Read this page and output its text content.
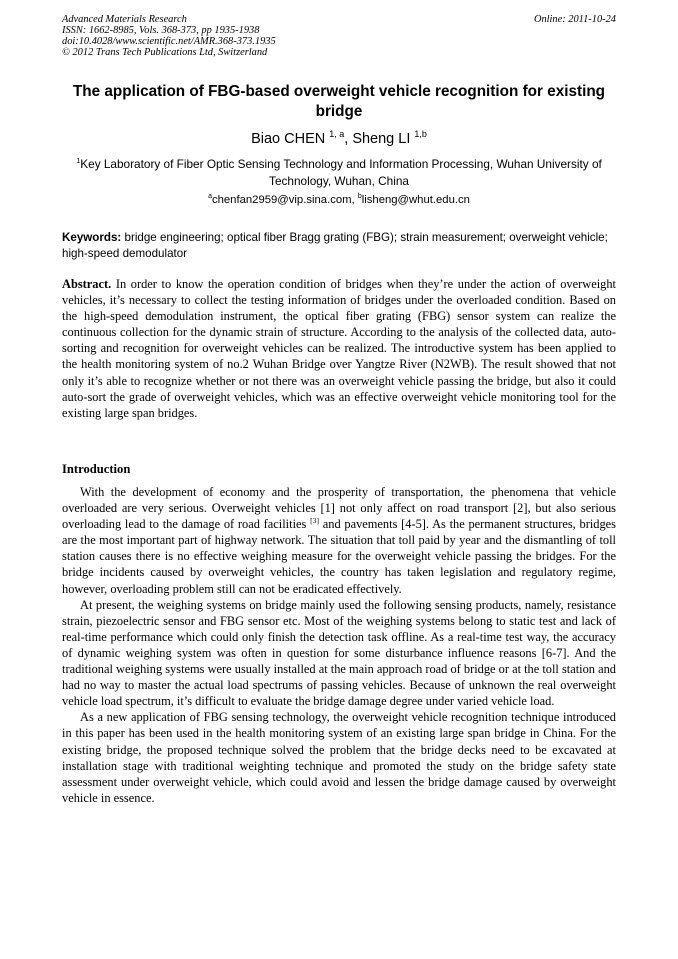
Advanced Materials Research
ISSN: 1662-8985, Vols. 368-373, pp 1935-1938
doi:10.4028/www.scientific.net/AMR.368-373.1935
© 2012 Trans Tech Publications Ltd, Switzerland
Online: 2011-10-24
The application of FBG-based overweight vehicle recognition for existing bridge
Biao CHEN $^{1, a}$, Sheng LI $^{1,b}$
$^1$Key Laboratory of Fiber Optic Sensing Technology and Information Processing, Wuhan University of Technology, Wuhan, China
$^a$chenfan2959@vip.sina.com, $^b$lisheng@whut.edu.cn
Keywords: bridge engineering; optical fiber Bragg grating (FBG); strain measurement; overweight vehicle; high-speed demodulator
Abstract. In order to know the operation condition of bridges when they’re under the action of overweight vehicles, it’s necessary to collect the testing information of bridges under the overloaded condition. Based on the high-speed demodulation instrument, the optical fiber grating (FBG) sensor system can realize the continuous collection for the dynamic strain of structure. According to the analysis of the collected data, auto-sorting and recognition for overweight vehicles can be realized. The introductive system has been applied to the health monitoring system of no.2 Wuhan Bridge over Yangtze River (N2WB). The result showed that not only it’s able to recognize whether or not there was an overweight vehicle passing the bridge, but also it could auto-sort the grade of overweight vehicles, which was an effective overweight vehicle monitoring tool for the existing large span bridges.
Introduction

With the development of economy and the prosperity of transportation, the phenomena that vehicle overloaded are very serious. Overweight vehicles [1] not only affect on road transport [2], but also serious overloading lead to the damage of road facilities [3] and pavements [4-5]. As the permanent structures, bridges are the most important part of highway network. The situation that toll paid by year and the dismantling of toll station causes there is no effective weighing measure for the overweight vehicle passing the bridges. For the bridge incidents caused by overweight vehicles, the country has taken legislation and regulatory regime, however, overloading problem still can not be eradicated effectively.

At present, the weighing systems on bridge mainly used the following sensing products, namely, resistance strain, piezoelectric sensor and FBG sensor etc. Most of the weighing systems belong to static test and lack of real-time performance which could only finish the detection task offline. As a real-time test way, the accuracy of dynamic weighing system was often in question for some disturbance influence reasons [6-7]. And the traditional weighing systems were usually installed at the main approach road of bridge or at the toll station and had no way to master the actual load spectrums of passing vehicles. Because of unknown the real overweight vehicle load spectrum, it’s difficult to evaluate the bridge damage degree under varied vehicle load.

As a new application of FBG sensing technology, the overweight vehicle recognition technique introduced in this paper has been used in the health monitoring system of an existing large span bridge in China. For the existing bridge, the proposed technique solved the problem that the bridge decks need to be excavated at installation stage with traditional weighting technique and promoted the study on the bridge safety state assessment under overweight vehicle, which could avoid and lessen the bridge damage caused by overweight vehicle in essence.
